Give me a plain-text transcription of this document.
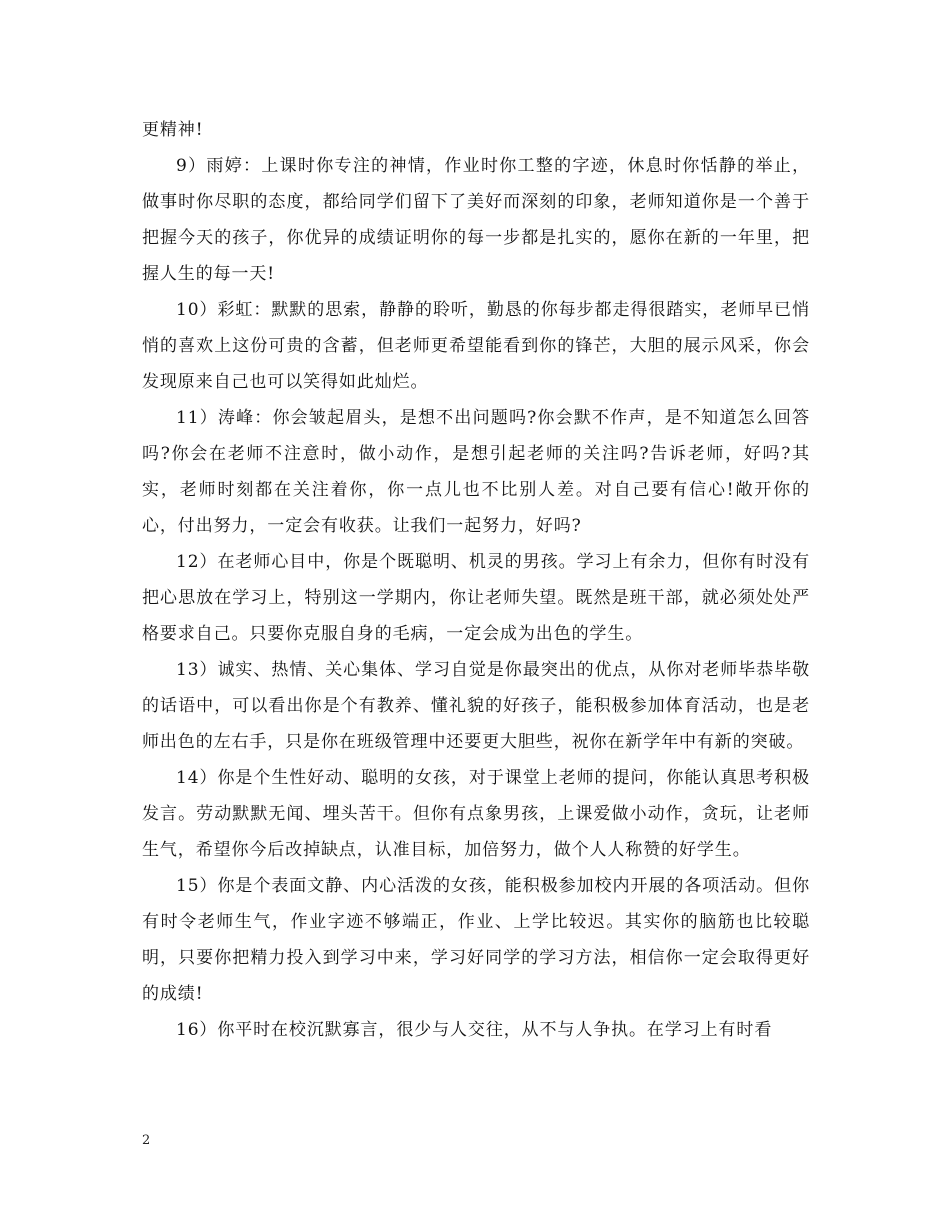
更精神!

9）雨婷：上课时你专注的神情，作业时你工整的字迹，休息时你恬静的举止，做事时你尽职的态度，都给同学们留下了美好而深刻的印象，老师知道你是一个善于把握今天的孩子，你优异的成绩证明你的每一步都是扎实的，愿你在新的一年里，把握人生的每一天!

10）彩虹：默默的思索，静静的聆听，勤恳的你每步都走得很踏实，老师早已悄悄的喜欢上这份可贵的含蓄，但老师更希望能看到你的锋芒，大胆的展示风采，你会发现原来自己也可以笑得如此灿烂。

11）涛峰：你会皱起眉头，是想不出问题吗?你会默不作声，是不知道怎么回答吗?你会在老师不注意时，做小动作，是想引起老师的关注吗?告诉老师，好吗?其实，老师时刻都在关注着你，你一点儿也不比别人差。对自己要有信心!敞开你的心，付出努力，一定会有收获。让我们一起努力，好吗?

12）在老师心目中，你是个既聪明、机灵的男孩。学习上有余力，但你有时没有把心思放在学习上，特别这一学期内，你让老师失望。既然是班干部，就必须处处严格要求自己。只要你克服自身的毛病，一定会成为出色的学生。

13）诚实、热情、关心集体、学习自觉是你最突出的优点，从你对老师毕恭毕敬的话语中，可以看出你是个有教养、懂礼貌的好孩子，能积极参加体育活动，也是老师出色的左右手，只是你在班级管理中还要更大胆些，祝你在新学年中有新的突破。

14）你是个生性好动、聪明的女孩，对于课堂上老师的提问，你能认真思考积极发言。劳动默默无闻、埋头苦干。但你有点象男孩，上课爱做小动作，贪玩，让老师生气，希望你今后改掉缺点，认准目标，加倍努力，做个人人称赞的好学生。

15）你是个表面文静、内心活泼的女孩，能积极参加校内开展的各项活动。但你有时令老师生气，作业字迹不够端正，作业、上学比较迟。其实你的脑筋也比较聪明，只要你把精力投入到学习中来，学习好同学的学习方法，相信你一定会取得更好的成绩!

16）你平时在校沉默寡言，很少与人交往，从不与人争执。在学习上有时看

2
